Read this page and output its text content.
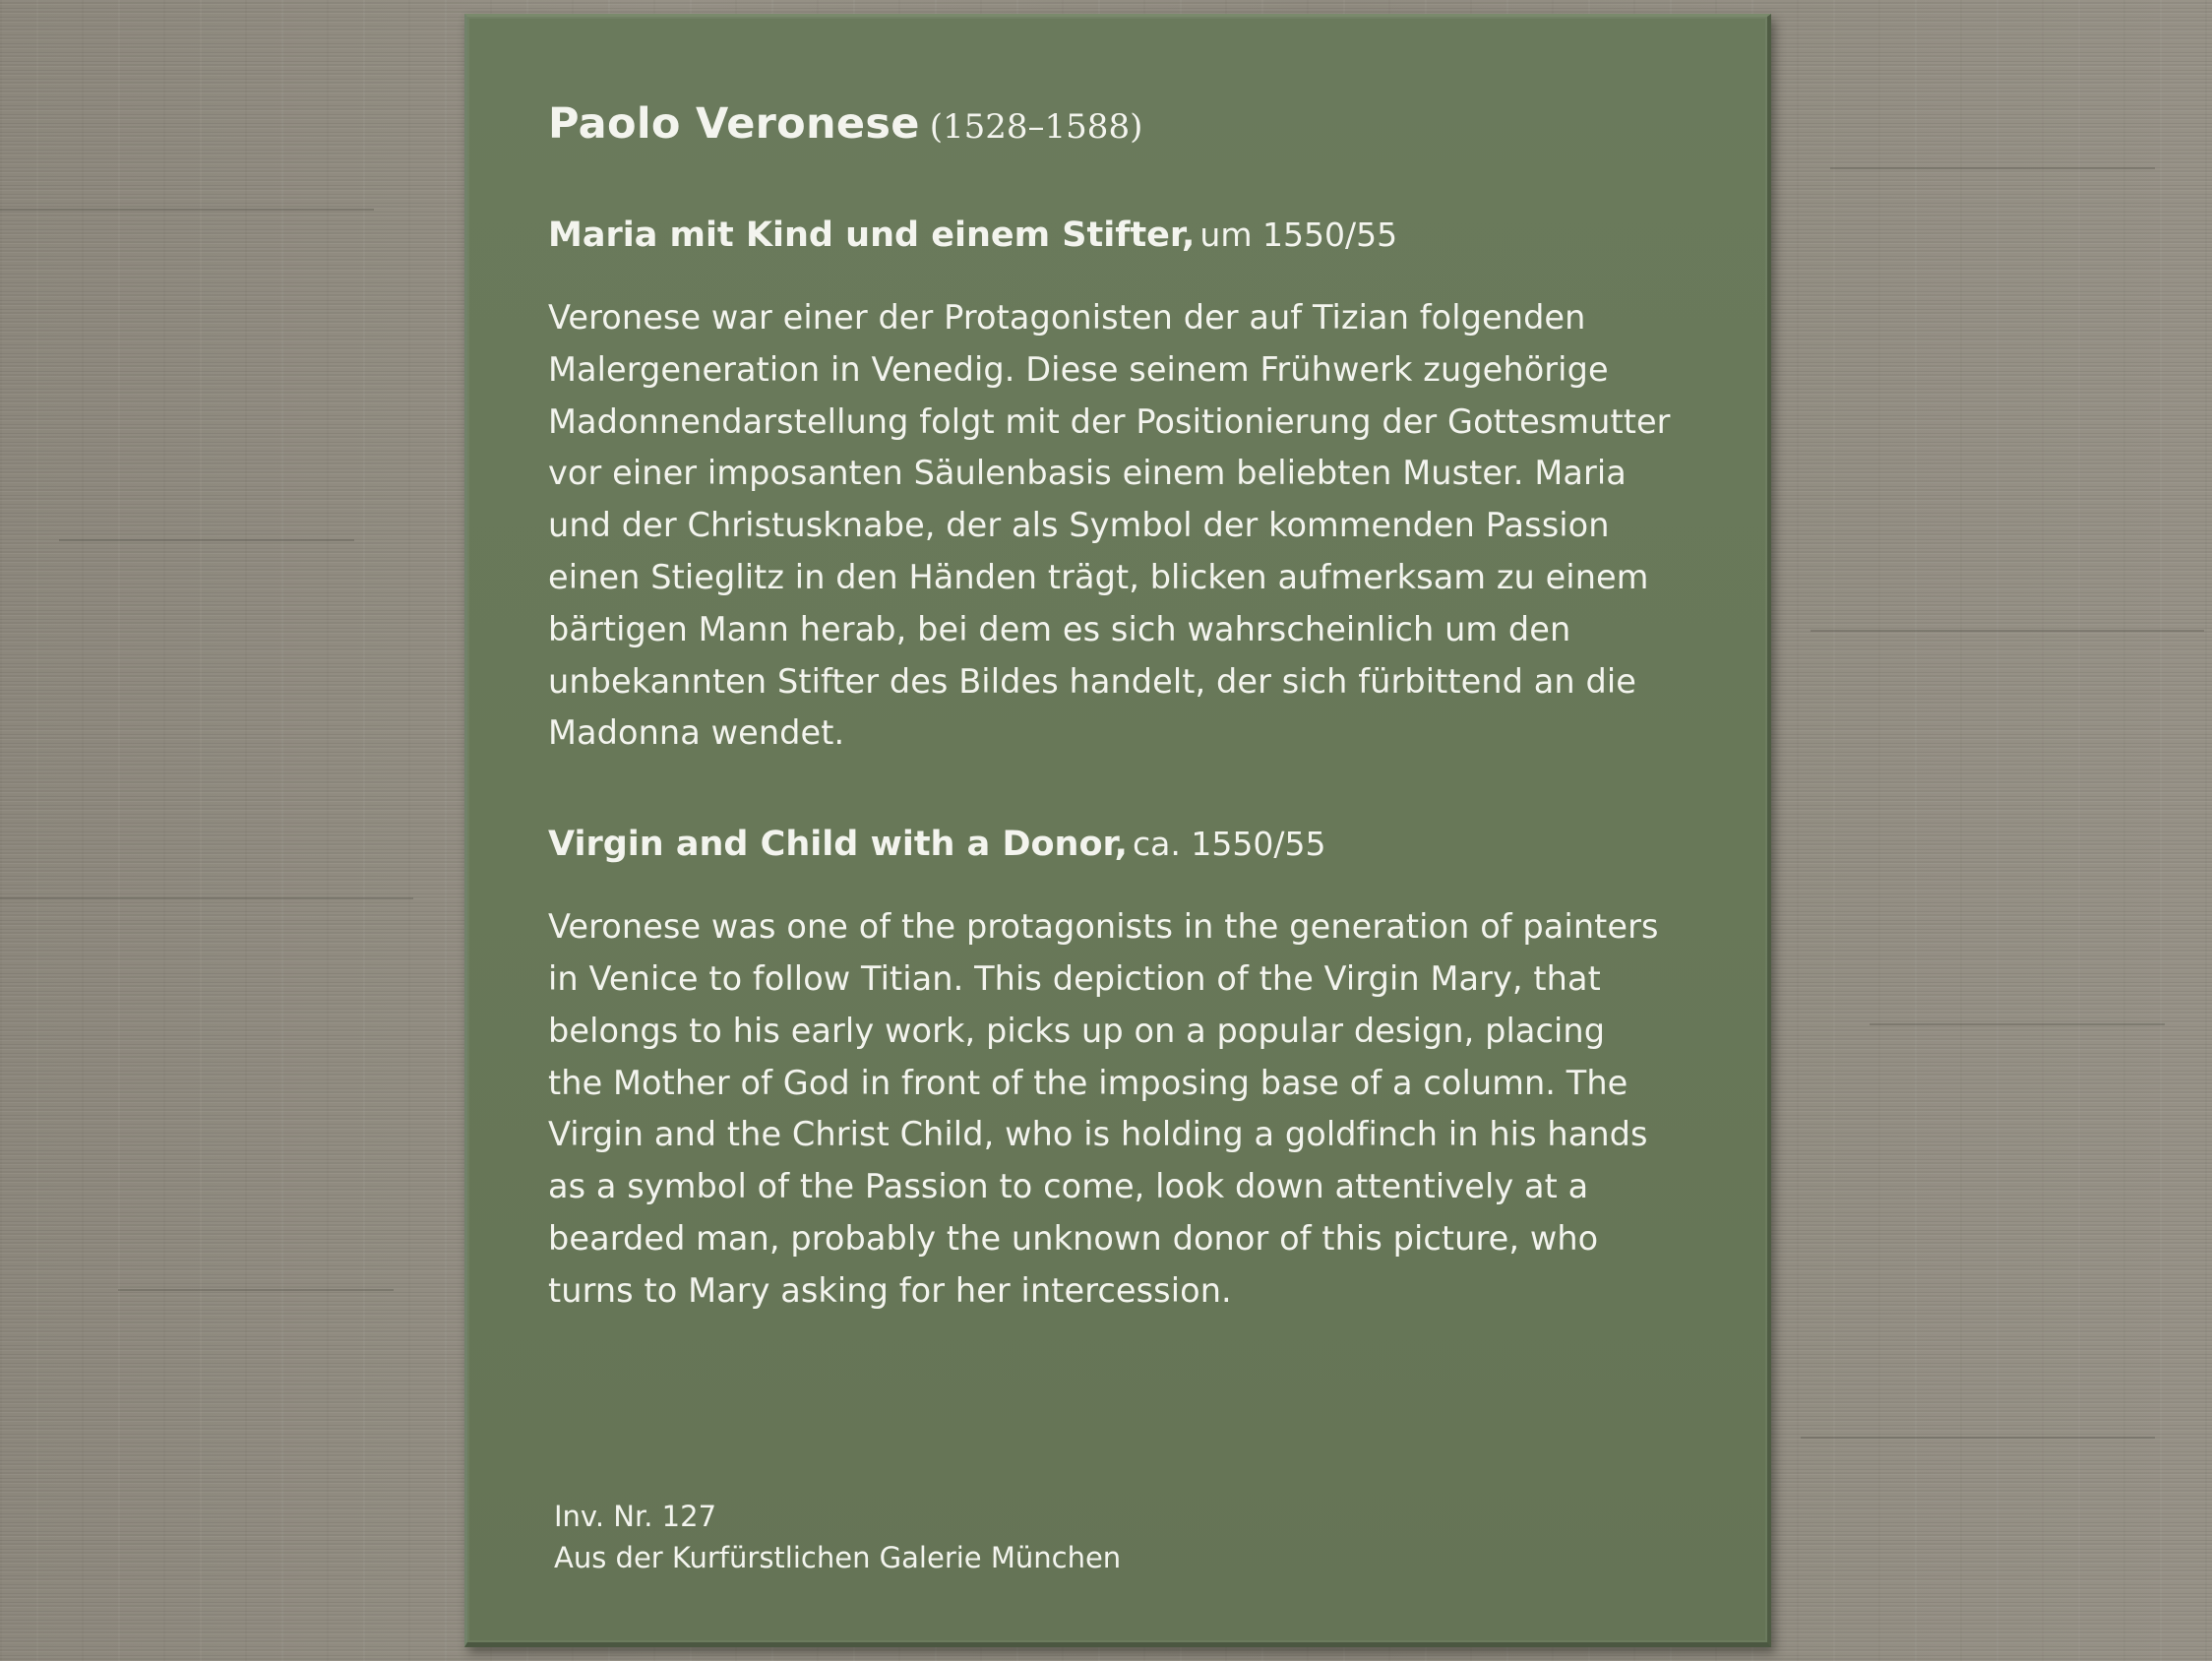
Paolo Veronese (1528–1588)

Maria mit Kind und einem Stifter, um 1550/55

Veronese war einer der Protagonisten der auf Tizian folgenden
Malergeneration in Venedig. Diese seinem Frühwerk zugehörige
Madonnendarstellung folgt mit der Positionierung der Gottesmutter
vor einer imposanten Säulenbasis einem beliebten Muster. Maria
und der Christusknabe, der als Symbol der kommenden Passion
einen Stieglitz in den Händen trägt, blicken aufmerksam zu einem
bärtigen Mann herab, bei dem es sich wahrscheinlich um den
unbekannten Stifter des Bildes handelt, der sich fürbittend an die
Madonna wendet.

Virgin and Child with a Donor, ca. 1550/55

Veronese was one of the protagonists in the generation of painters
in Venice to follow Titian. This depiction of the Virgin Mary, that
belongs to his early work, picks up on a popular design, placing
the Mother of God in front of the imposing base of a column. The
Virgin and the Christ Child, who is holding a goldfinch in his hands
as a symbol of the Passion to come, look down attentively at a
bearded man, probably the unknown donor of this picture, who
turns to Mary asking for her intercession.
Inv. Nr. 127
Aus der Kurfürstlichen Galerie München
